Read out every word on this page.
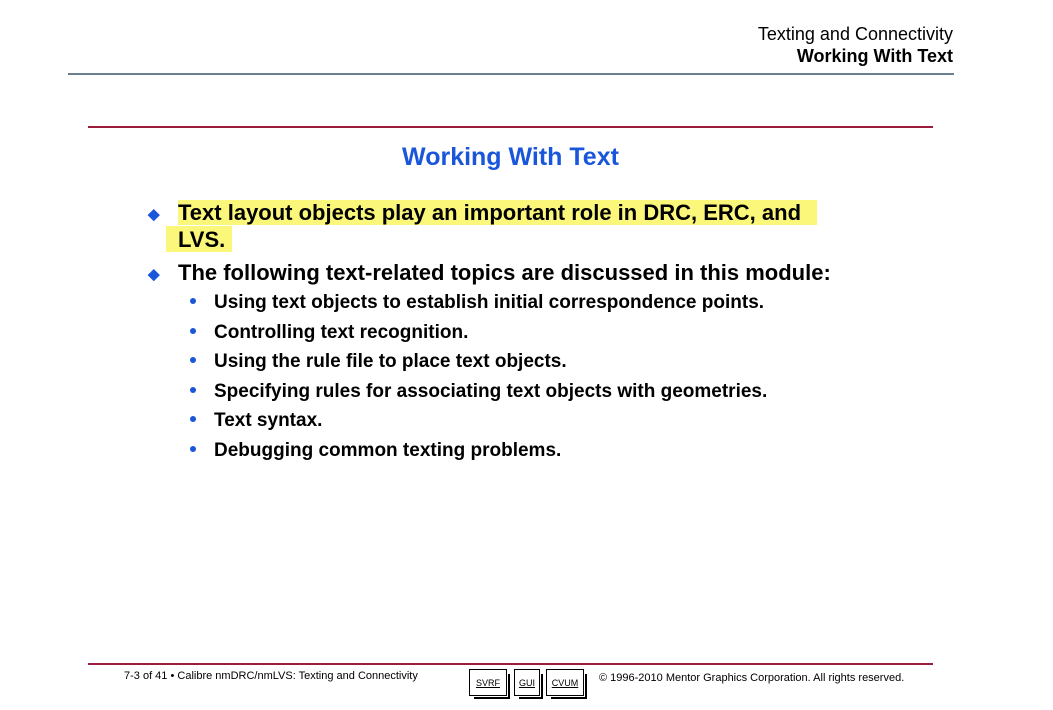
Texting and Connectivity
Working With Text
Working With Text
◆ Text layout objects play an important role in DRC, ERC, and
LVS.
◆ The following text-related topics are discussed in this module:
Using text objects to establish initial correspondence points.
Controlling text recognition.
Using the rule file to place text objects.
Specifying rules for associating text objects with geometries.
Text syntax.
Debugging common texting problems.
7-3 of 41 • Calibre nmDRC/nmLVS: Texting and Connectivity
SVRF	GUI	CVUM	© 1996-2010 Mentor Graphics Corporation. All rights reserved.
